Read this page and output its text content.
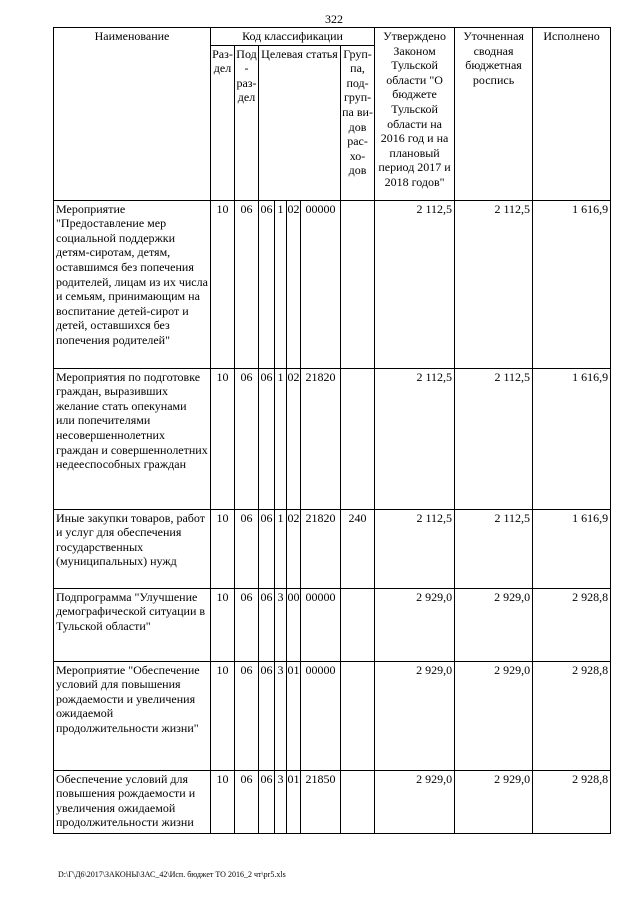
322
Наименование	Код классификации							Утверждено Законом Тульской области "О бюджете Тульской области на 2016 год и на плановый период 2017 и 2018 годов"	Уточненная сводная бюджетная роспись	Исполнено
	Раз- дел	Под- раз- дел	Целевая статья				Груп- па, под- груп- па ви- дов рас- хо- дов			
Мероприятие "Предоставление мер социальной поддержки детям-сиротам, детям, оставшимся без попечения родителей, лицам из их числа и семьям, принимающим на воспитание детей-сирот и детей, оставшихся без попечения родителей"	10	06	06	1	02	00000		2 112,5	2 112,5	1 616,9
Мероприятия по подготовке граждан, выразивших желание стать опекунами или попечителями несовершеннолетних граждан и совершеннолетних недееспособных граждан	10	06	06	1	02	21820		2 112,5	2 112,5	1 616,9
Иные закупки товаров, работ и услуг для обеспечения государственных (муниципальных) нужд	10	06	06	1	02	21820	240	2 112,5	2 112,5	1 616,9
Подпрограмма "Улучшение демографической ситуации в Тульской области"	10	06	06	3	00	00000		2 929,0	2 929,0	2 928,8
Мероприятие "Обеспечение условий для повышения рождаемости и увеличения ожидаемой продолжительности жизни"	10	06	06	3	01	00000		2 929,0	2 929,0	2 928,8
Обеспечение условий для повышения рождаемости и увеличения ожидаемой продолжительности жизни	10	06	06	3	01	21850		2 929,0	2 929,0	2 928,8
D:\Г\Д6\2017\ЗАКОНЫ\ЗАС_42\Исп. бюджет ТО 2016_2 чт\pr5.xls
